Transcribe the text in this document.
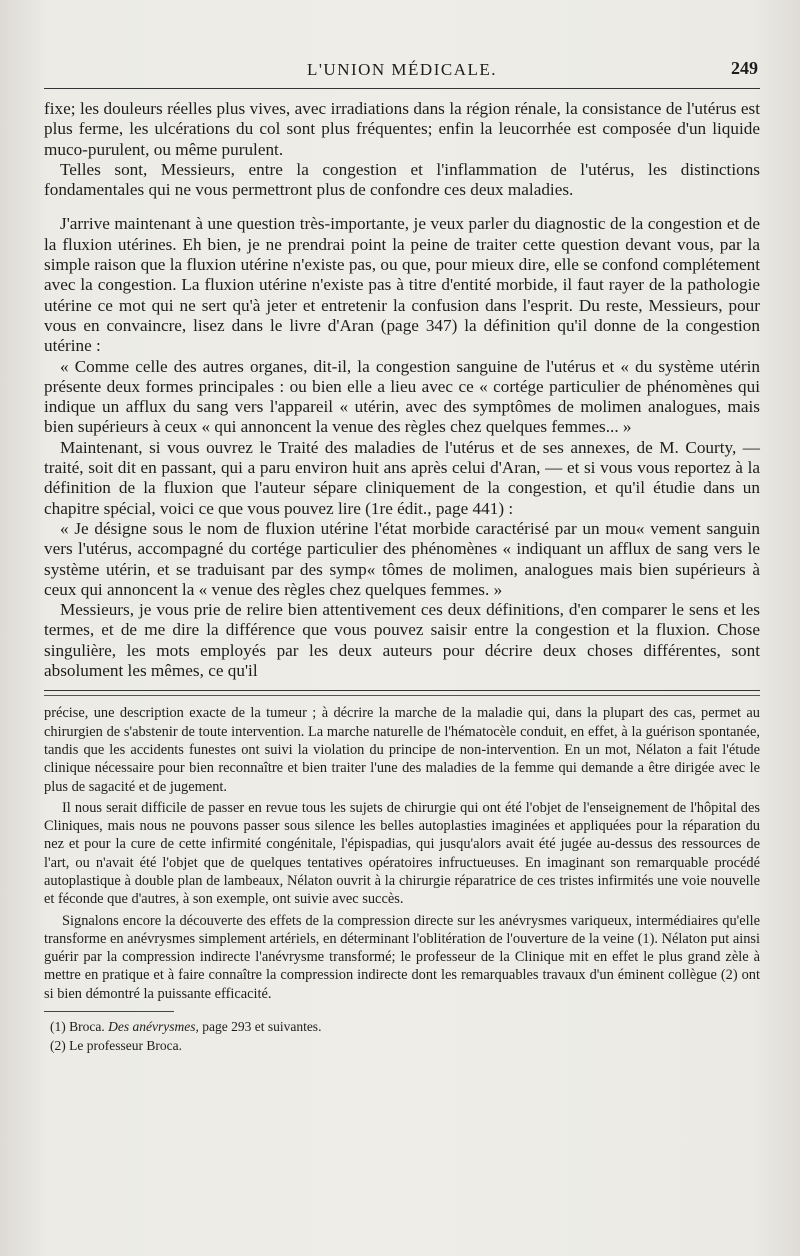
L'UNION MÉDICALE.	249

fixe; les douleurs réelles plus vives, avec irradiations dans la région rénale, la consistance de l'utérus est plus ferme, les ulcérations du col sont plus fréquentes; enfin la leucorrhée est composée d'un liquide muco-purulent, ou même purulent.

Telles sont, Messieurs, entre la congestion et l'inflammation de l'utérus, les distinctions fondamentales qui ne vous permettront plus de confondre ces deux maladies.

J'arrive maintenant à une question très-importante, je veux parler du diagnostic de la congestion et de la fluxion utérines. Eh bien, je ne prendrai point la peine de traiter cette question devant vous, par la simple raison que la fluxion utérine n'existe pas, ou que, pour mieux dire, elle se confond complétement avec la congestion. La fluxion utérine n'existe pas à titre d'entité morbide, il faut rayer de la pathologie utérine ce mot qui ne sert qu'à jeter et entretenir la confusion dans l'esprit. Du reste, Messieurs, pour vous en convaincre, lisez dans le livre d'Aran (page 347) la définition qu'il donne de la congestion utérine :

« Comme celle des autres organes, dit-il, la congestion sanguine de l'utérus et « du système utérin présente deux formes principales : ou bien elle a lieu avec ce « cortége particulier de phénomènes qui indique un afflux du sang vers l'appareil « utérin, avec des symptômes de molimen analogues, mais bien supérieurs à ceux « qui annoncent la venue des règles chez quelques femmes... »

Maintenant, si vous ouvrez le Traité des maladies de l'utérus et de ses annexes, de M. Courty, — traité, soit dit en passant, qui a paru environ huit ans après celui d'Aran, — et si vous vous reportez à la définition de la fluxion que l'auteur sépare cliniquement de la congestion, et qu'il étudie dans un chapitre spécial, voici ce que vous pouvez lire (1re édit., page 441) :

« Je désigne sous le nom de fluxion utérine l'état morbide caractérisé par un mou« vement sanguin vers l'utérus, accompagné du cortége particulier des phénomènes « indiquant un afflux de sang vers le système utérin, et se traduisant par des symp« tômes de molimen, analogues mais bien supérieurs à ceux qui annoncent la « venue des règles chez quelques femmes. »

Messieurs, je vous prie de relire bien attentivement ces deux définitions, d'en comparer le sens et les termes, et de me dire la différence que vous pouvez saisir entre la congestion et la fluxion. Chose singulière, les mots employés par les deux auteurs pour décrire deux choses différentes, sont absolument les mêmes, ce qu'il

précise, une description exacte de la tumeur ; à décrire la marche de la maladie qui, dans la plupart des cas, permet au chirurgien de s'abstenir de toute intervention. La marche naturelle de l'hématocèle conduit, en effet, à la guérison spontanée, tandis que les accidents funestes ont suivi la violation du principe de non-intervention. En un mot, Nélaton a fait l'étude clinique nécessaire pour bien reconnaître et bien traiter l'une des maladies de la femme qui demande a être dirigée avec le plus de sagacité et de jugement.

Il nous serait difficile de passer en revue tous les sujets de chirurgie qui ont été l'objet de l'enseignement de l'hôpital des Cliniques, mais nous ne pouvons passer sous silence les belles autoplasties imaginées et appliquées pour la réparation du nez et pour la cure de cette infirmité congénitale, l'épispadias, qui jusqu'alors avait été jugée au-dessus des ressources de l'art, ou n'avait été l'objet que de quelques tentatives opératoires infructueuses. En imaginant son remarquable procédé autoplastique à double plan de lambeaux, Nélaton ouvrit à la chirurgie réparatrice de ces tristes infirmités une voie nouvelle et féconde que d'autres, à son exemple, ont suivie avec succès.

Signalons encore la découverte des effets de la compression directe sur les anévrysmes variqueux, intermédiaires qu'elle transforme en anévrysmes simplement artériels, en déterminant l'oblitération de l'ouverture de la veine (1). Nélaton put ainsi guérir par la compression indirecte l'anévrysme transformé; le professeur de la Clinique mit en effet le plus grand zèle à mettre en pratique et à faire connaître la compression indirecte dont les remarquables travaux d'un éminent collègue (2) ont si bien démontré la puissante efficacité.

(1) Broca. Des anévrysmes, page 293 et suivantes.

(2) Le professeur Broca.
